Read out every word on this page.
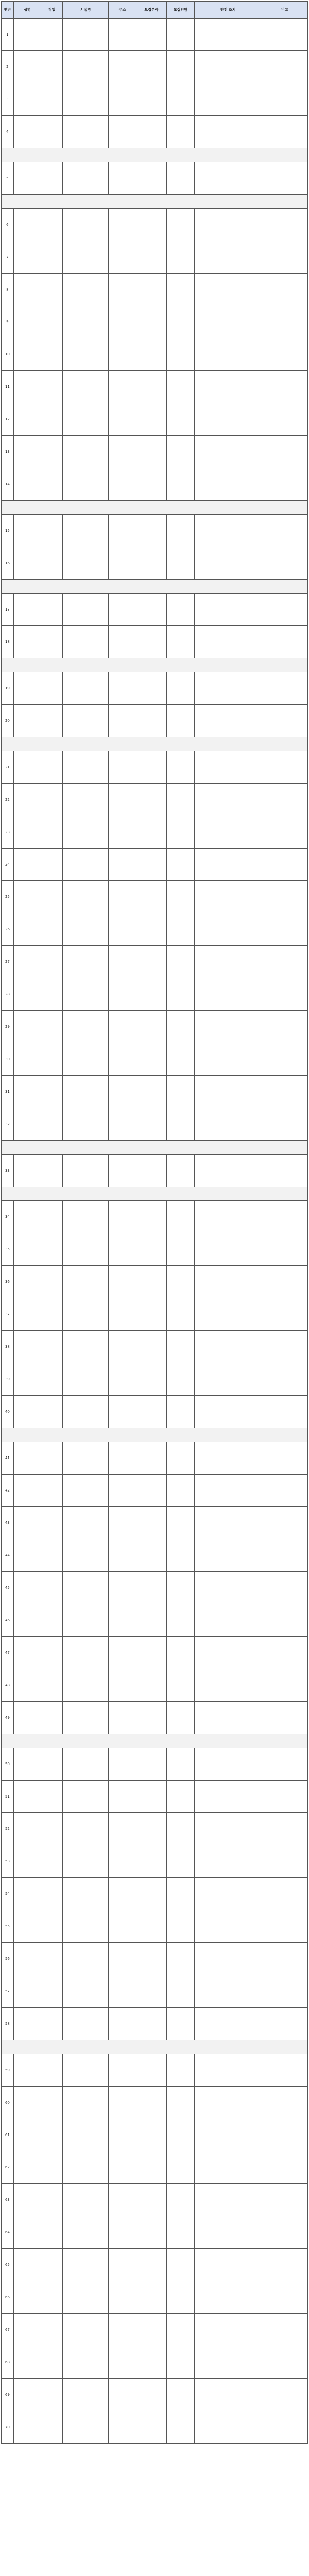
연번	성명	직업	시설명	주소	모집분야	모집인원	안전 조치	비고
1								
2								
3								
4								

5								

6								
7								
8								
9								
10								
11								
12								
13								
14								

15								
16								

17								
18								

19								
20								

21								
22								
23								
24								
25								
26								
27								
28								
29								
30								
31								
32								

33								

34								
35								
36								
37								
38								
39								
40								

41								
42								
43								
44								
45								
46								
47								
48								
49								

50								
51								
52								
53								
54								
55								
56								
57								
58								

59								
60								
61								
62								
63								
64								
65								
66								
67								
68								
69								
70								
